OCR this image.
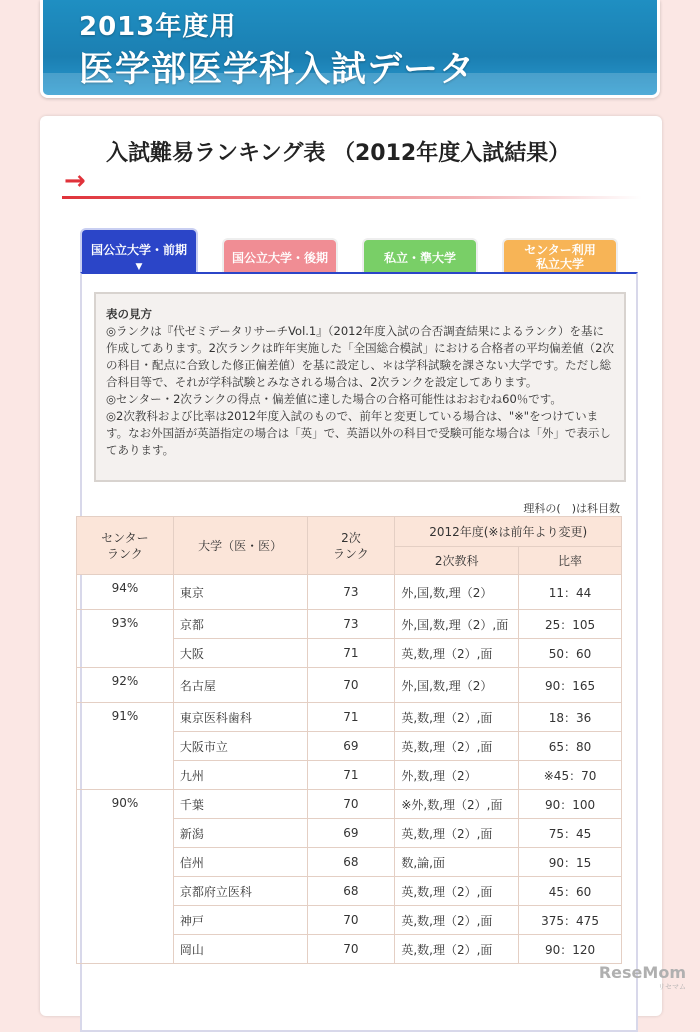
2013年度用
医学部医学科入試データ
→
入試難易ランキング表 （2012年度入試結果）
国公立大学・前期
▼
国公立大学・後期	私立・準大学
センター利用
私立大学
表の見方

◎ランクは『代ゼミデータリサーチVol.1』（2012年度入試の合否調査結果によるランク）を基に作成してあります。2次ランクは昨年実施した「全国総合模試」における合格者の平均偏差値（2次の科目・配点に合致した修正偏差値）を基に設定し、＊は学科試験を課さない大学です。ただし総合科目等で、それが学科試験とみなされる場合は、2次ランクを設定してあります。

◎センター・2次ランクの得点・偏差値に達した場合の合格可能性はおおむね60％です。

◎2次教科および比率は2012年度入試のもので、前年と変更している場合は、"※"をつけています。なお外国語が英語指定の場合は「英」で、英語以外の科目で受験可能な場合は「外」で表示してあります。

理科の(　)は科目数
センター
ランク	大学（医・医）	2次
ランク	2012年度(※は前年より変更)	
			2次教科	比率
94%	東京	73	外,国,数,理（2）	11：44
93%	京都	73	外,国,数,理（2）,面	25：105
	大阪	71	英,数,理（2）,面	50：60
92%	名古屋	70	外,国,数,理（2）	90：165
91%	東京医科歯科	71	英,数,理（2）,面	18：36
	大阪市立	69	英,数,理（2）,面	65：80
	九州	71	外,数,理（2）	※45：70
90%	千葉	70	※外,数,理（2）,面	90：100
	新潟	69	英,数,理（2）,面	75：45
	信州	68	数,論,面	90：15
	京都府立医科	68	英,数,理（2）,面	45：60
	神戸	70	英,数,理（2）,面	375：475
	岡山	70	英,数,理（2）,面	90：120
ReseMom
リセマム
